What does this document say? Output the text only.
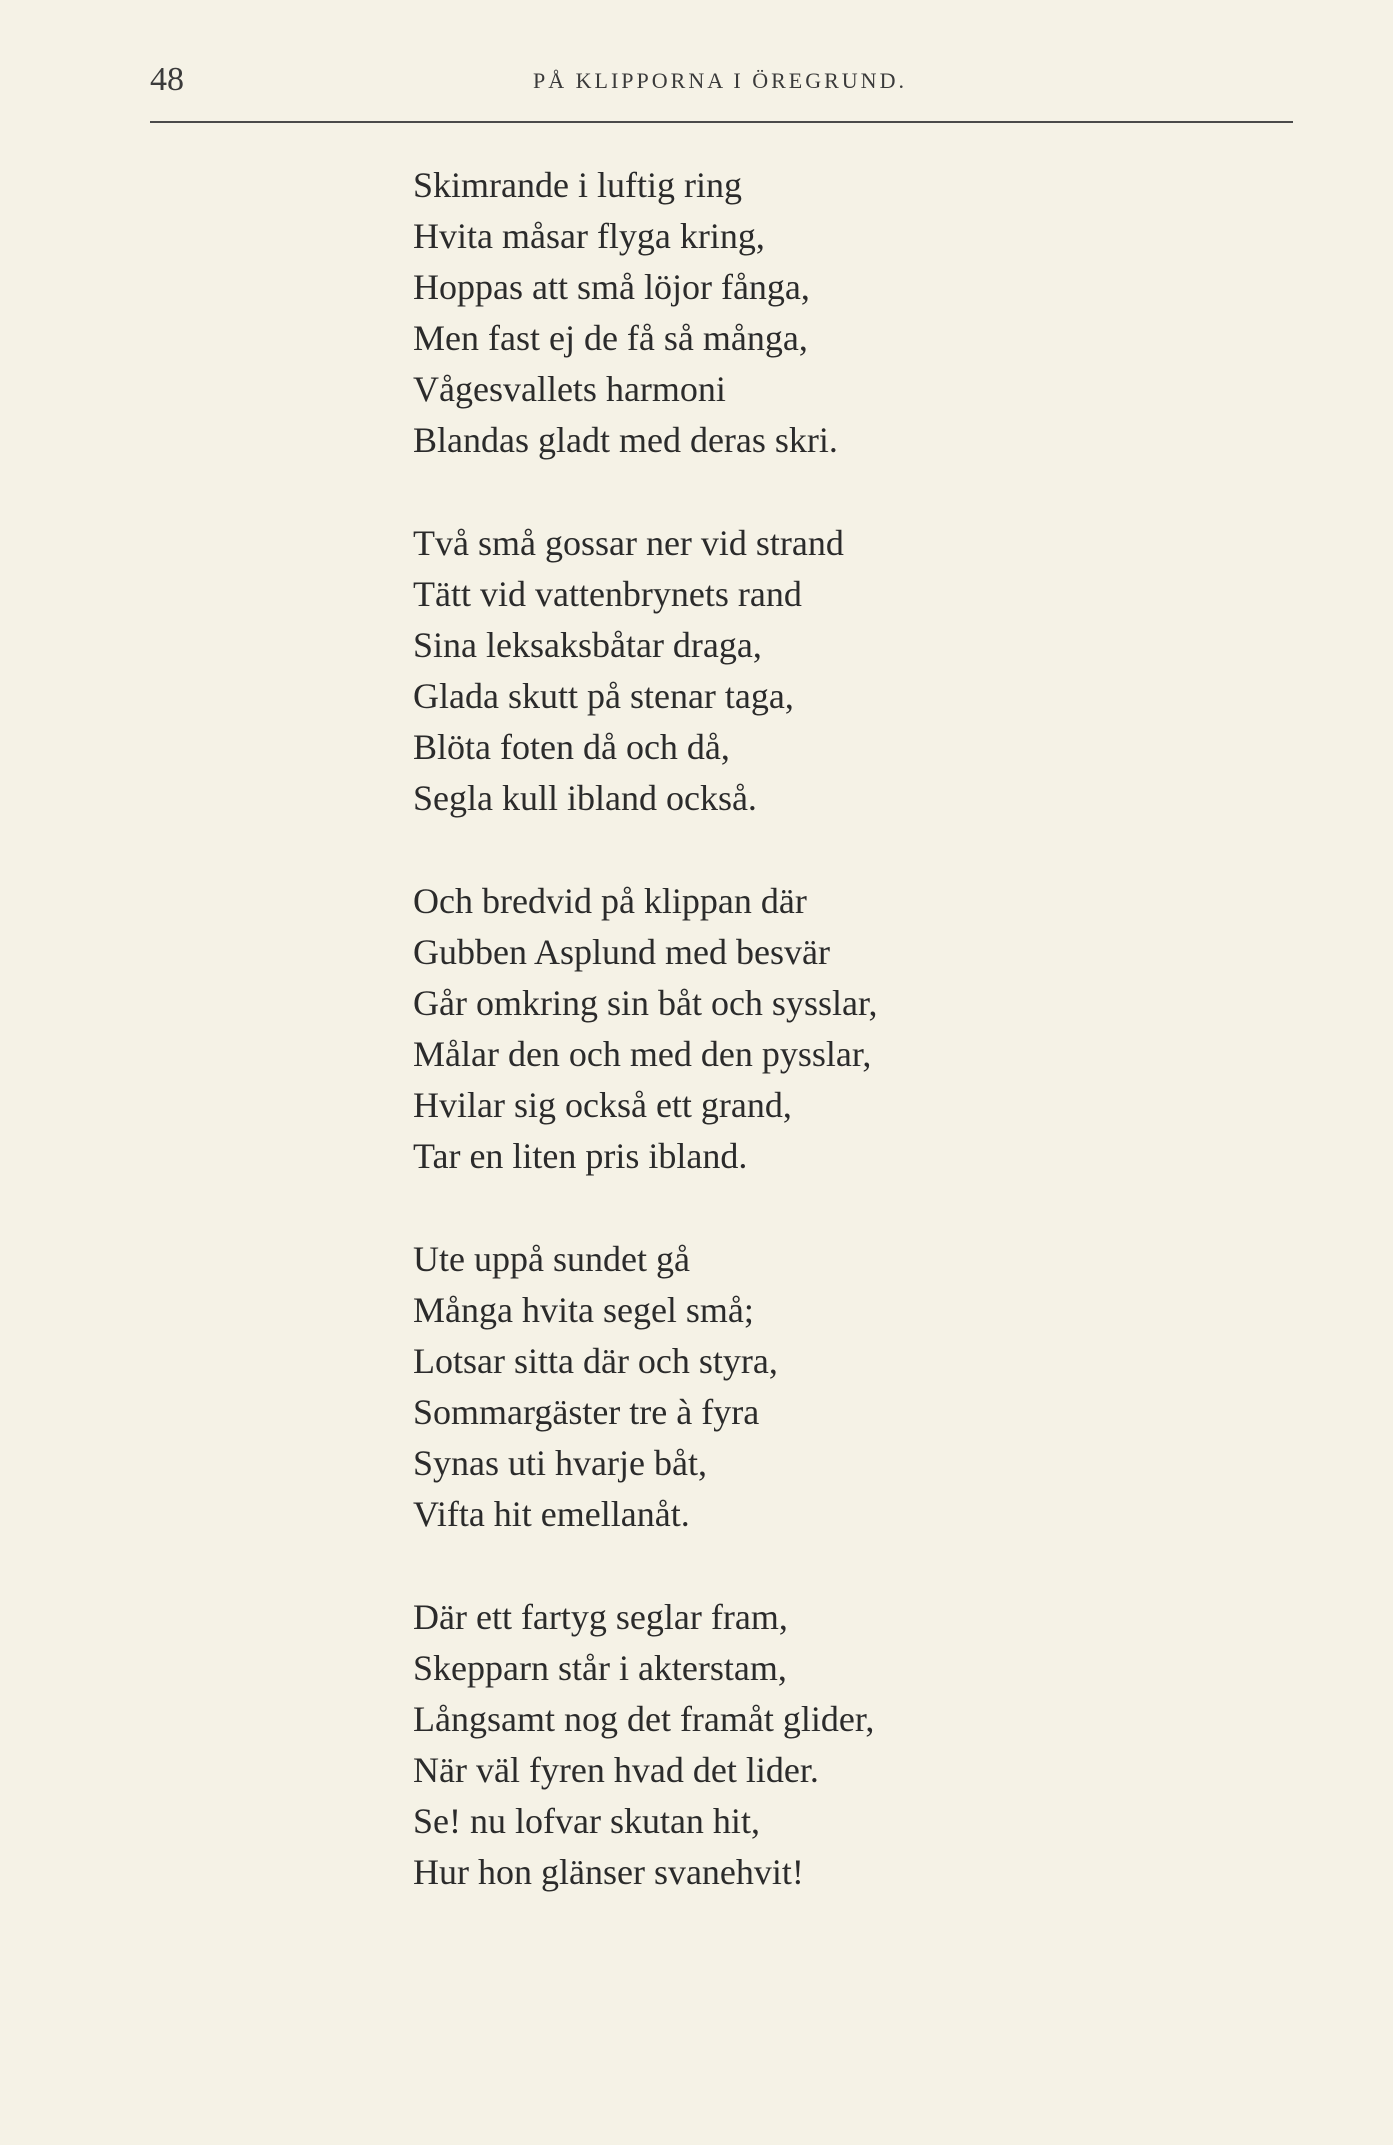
48	PÅ KLIPPORNA I ÖREGRUND.
Skimrande i luftig ring
Hvita måsar flyga kring,
Hoppas att små löjor fånga,
Men fast ej de få så många,
Vågesvallets harmoni
Blandas gladt med deras skri.
Två små gossar ner vid strand
Tätt vid vattenbrynets rand
Sina leksaksbåtar draga,
Glada skutt på stenar taga,
Blöta foten då och då,
Segla kull ibland också.
Och bredvid på klippan där
Gubben Asplund med besvär
Går omkring sin båt och sysslar,
Målar den och med den pysslar,
Hvilar sig också ett grand,
Tar en liten pris ibland.
Ute uppå sundet gå
Många hvita segel små;
Lotsar sitta där och styra,
Sommargäster tre à fyra
Synas uti hvarje båt,
Vifta hit emellanåt.
Där ett fartyg seglar fram,
Skepparn står i akterstam,
Långsamt nog det framåt glider,
När väl fyren hvad det lider.
Se! nu lofvar skutan hit,
Hur hon glänser svanehvit!
